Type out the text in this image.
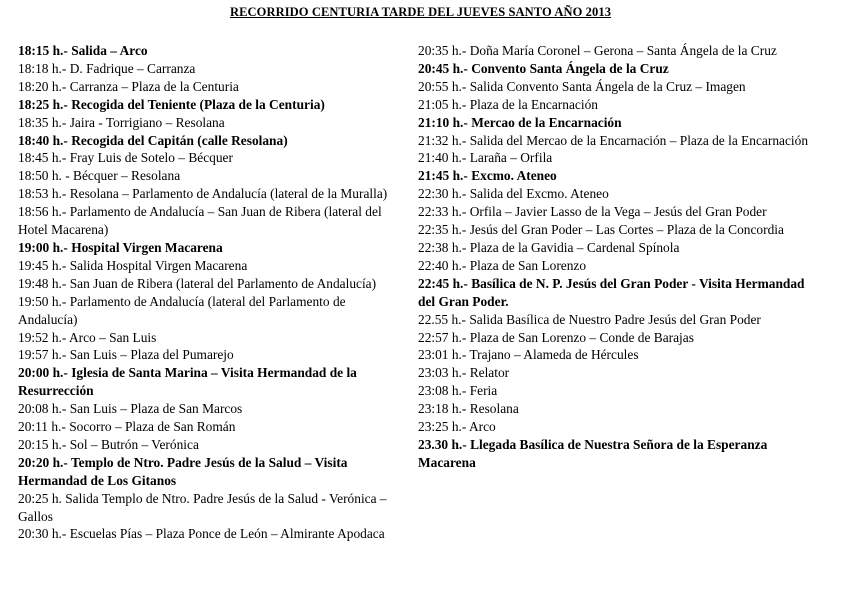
RECORRIDO CENTURIA TARDE DEL JUEVES SANTO AÑO 2013

18:15 h.- Salida – Arco

18:18 h.- D. Fadrique – Carranza

18:20 h.- Carranza – Plaza de la Centuria

18:25 h.- Recogida del Teniente (Plaza de la Centuria)

18:35 h.- Jaira - Torrigiano – Resolana

18:40 h.- Recogida del Capitán (calle Resolana)

18:45 h.- Fray Luis de Sotelo – Bécquer

18:50 h. - Bécquer – Resolana

18:53 h.- Resolana – Parlamento de Andalucía (lateral de la Muralla)

18:56 h.- Parlamento de Andalucía – San Juan de Ribera (lateral del Hotel Macarena)

19:00 h.- Hospital Virgen Macarena

19:45 h.- Salida Hospital Virgen Macarena

19:48 h.- San Juan de Ribera (lateral del Parlamento de Andalucía)

19:50 h.- Parlamento de Andalucía (lateral del Parlamento de Andalucía)

19:52 h.- Arco – San Luis

19:57 h.- San Luis – Plaza del Pumarejo

20:00 h.- Iglesia de Santa Marina – Visita Hermandad de la Resurrección

20:08 h.- San Luis – Plaza de San Marcos

20:11 h.- Socorro – Plaza de San Román

20:15 h.- Sol – Butrón – Verónica

20:20 h.- Templo de Ntro. Padre Jesús de la Salud – Visita Hermandad de Los Gitanos

20:25 h. Salida Templo de Ntro. Padre Jesús de la Salud - Verónica – Gallos

20:30 h.- Escuelas Pías – Plaza Ponce de León – Almirante Apodaca

20:35 h.- Doña María Coronel – Gerona – Santa Ángela de la Cruz

20:45 h.- Convento Santa Ángela de la Cruz

20:55 h.- Salida Convento Santa Ángela de la Cruz – Imagen

21:05 h.- Plaza de la Encarnación

21:10 h.- Mercao de la Encarnación

21:32 h.- Salida del Mercao de la Encarnación – Plaza de la Encarnación

21:40 h.- Laraña – Orfila

21:45 h.- Excmo. Ateneo

22:30 h.- Salida del Excmo. Ateneo

22:33 h.- Orfila – Javier Lasso de la Vega – Jesús del Gran Poder

22:35 h.- Jesús del Gran Poder – Las Cortes – Plaza de la Concordia

22:38 h.- Plaza de la Gavidia – Cardenal Spínola

22:40 h.- Plaza de San Lorenzo

22:45 h.- Basílica de N. P. Jesús del Gran Poder - Visita Hermandad del Gran Poder.

22.55 h.- Salida Basílica de Nuestro Padre Jesús del Gran Poder

22:57 h.- Plaza de San Lorenzo – Conde de Barajas

23:01 h.- Trajano – Alameda de Hércules

23:03 h.- Relator

23:08 h.- Feria

23:18 h.- Resolana

23:25 h.- Arco

23.30 h.- Llegada Basílica de Nuestra Señora de la Esperanza Macarena
